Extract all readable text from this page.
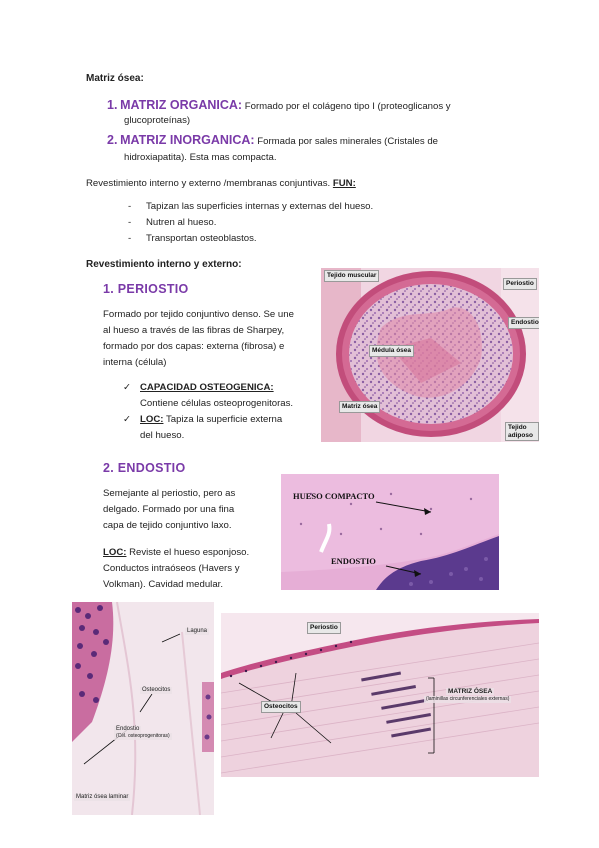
Matriz ósea:
1. MATRIZ ORGANICA: Formado por el colágeno tipo I (proteoglicanos y
glucoproteínas)
2. MATRIZ INORGANICA: Formada por sales minerales (Cristales de
hidroxiapatita). Esta mas compacta.
Revestimiento interno y externo /membranas conjuntivas. FUN:
- Tapizan las superficies internas y externas del hueso.
- Nutren al hueso.
- Transportan osteoblastos.
Revestimiento interno y externo:
1. PERIOSTIO
Formado por tejido conjuntivo denso. Se une
al hueso a través de las fibras de Sharpey,
formado por dos capas: externa (fibrosa) e
interna (célula)
✓ CAPACIDAD OSTEOGENICA:
Contiene células osteoprogenitoras.
✓ LOC: Tapiza la superficie externa
del hueso.
Tejido muscular
Periostio
Endostio
Médula ósea
Matriz ósea
Tejido adiposo
2. ENDOSTIO
Semejante al periostio, pero as
delgado. Formado por una fina
capa de tejido conjuntivo laxo.
LOC: Reviste el hueso esponjoso.
Conductos intraóseos (Havers y
Volkman). Cavidad medular.
HUESO COMPACTO
ENDOSTIO
Laguna
Osteocitos
Endostio
(Cél. osteoprogenitoras)
Matriz ósea laminar
Periostio
Osteocitos
MATRIZ ÓSEA
(laminillas circunferenciales externas)
